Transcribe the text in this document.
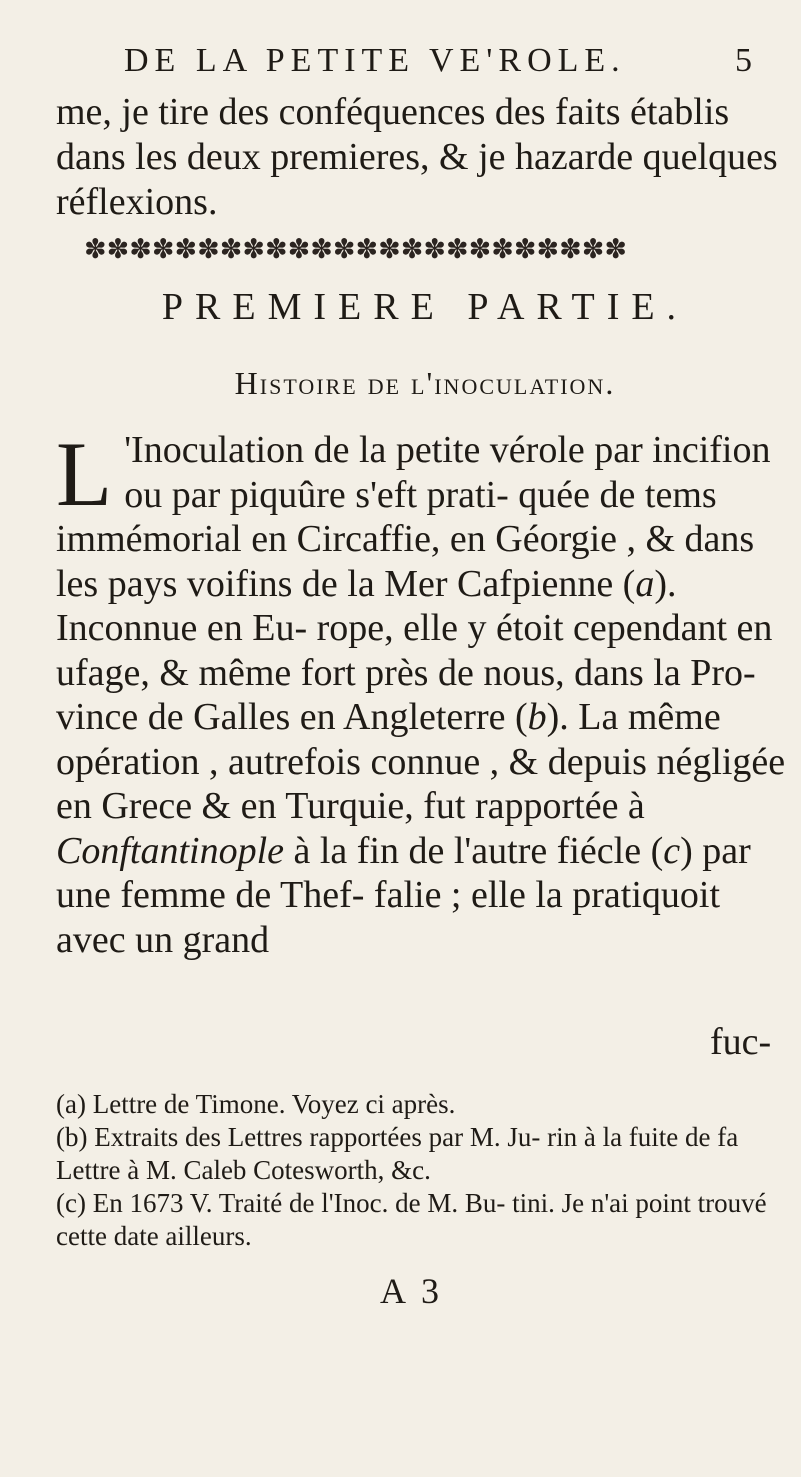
DE LA PETITE VE'ROLE.	5

me, je tire des conféquences des faits établis dans les deux premieres, & je hazarde quelques réflexions.

✽✽✽✽✽✽✽✽✽✽✽✽✽✽✽✽✽✽✽✽✽✽✽✽
PREMIERE PARTIE.
Histoire de l'inoculation.
L 'Inoculation de la petite vérole par incifion ou par piquûre s'eft prati- quée de tems immémorial en Circaffie, en Géorgie , & dans les pays voifins de la Mer Cafpienne (a). Inconnue en Eu- rope, elle y étoit cependant en ufage, & même fort près de nous, dans la Pro- vince de Galles en Angleterre (b). La même opération , autrefois connue , & depuis négligée en Grece & en Turquie, fut rapportée à Conftantinople à la fin de l'autre fiécle (c) par une femme de Thef- falie ; elle la pratiquoit avec un grand

fuc-

(a) Lettre de Timone. Voyez ci après.

(b) Extraits des Lettres rapportées par M. Ju- rin à la fuite de fa Lettre à M. Caleb Cotesworth, &c.

(c) En 1673 V. Traité de l'Inoc. de M. Bu- tini. Je n'ai point trouvé cette date ailleurs.

A 3
